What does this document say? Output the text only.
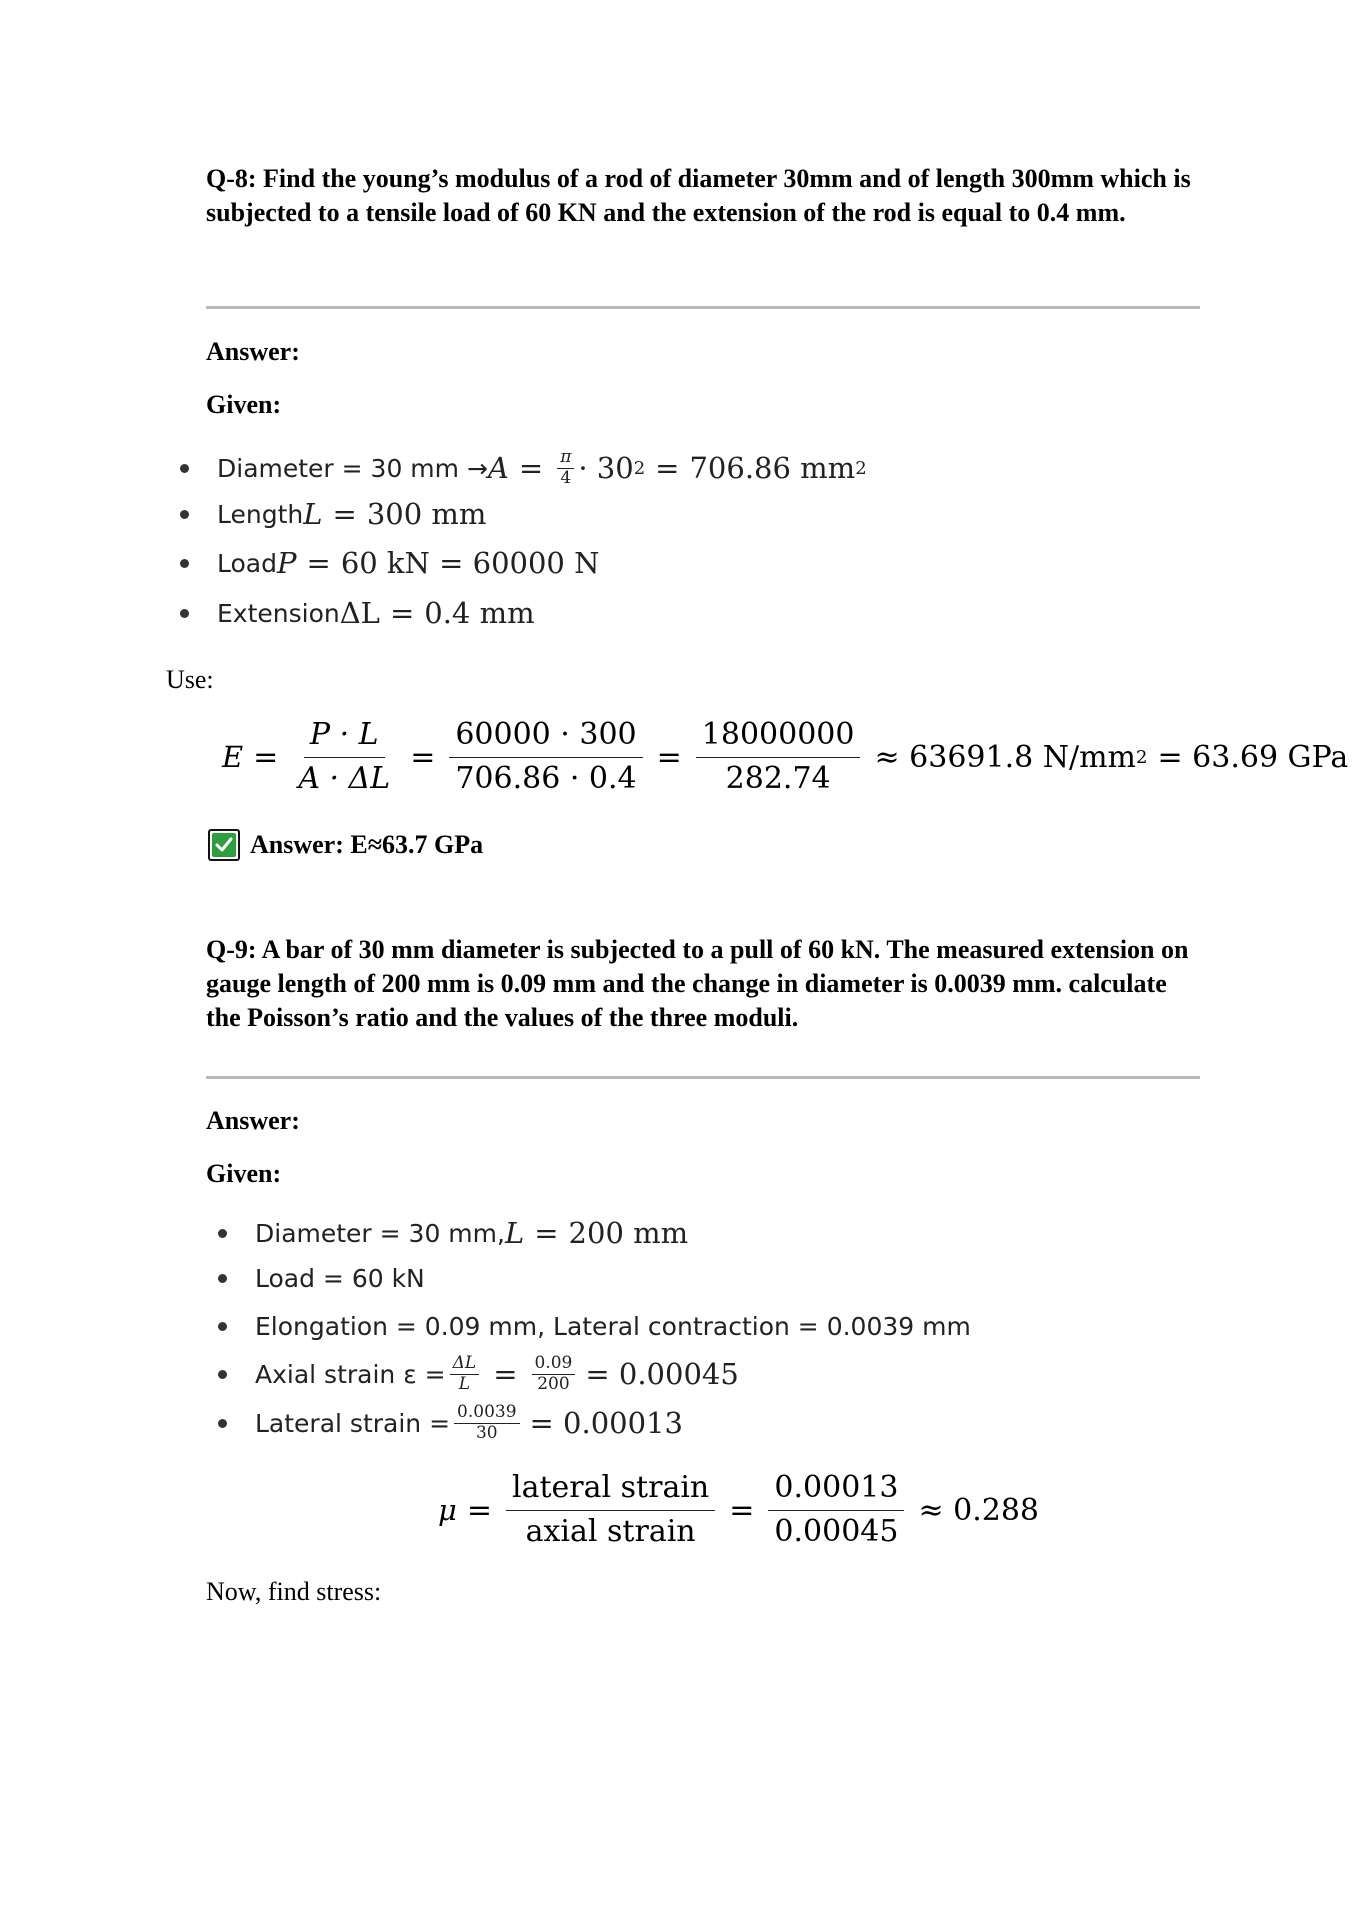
Q-8: Find the young’s modulus of a rod of diameter 30mm and of length 300mm which is subjected to a tensile load of 60 KN and the extension of the rod is equal to 0.4 mm.
Answer:
Given:
Diameter = 30 mm → $A = \frac{\pi}{4} \cdot 30$ 2 = 706.86 mm 2
Length L = 300 mm
Load P = 60 kN = 60000 N
Extension ΔL = 0.4 mm
Use:
$E = \frac{P \cdot L}{A \cdot \Delta L} = \frac{60000 \cdot 300}{706.86 \cdot 0.4} = \frac{18000000}{282.74} \approx 63691.8$ N/mm 2 = 63.69 GPa
Answer: E≈63.7 GPa
Q-9: A bar of 30 mm diameter is subjected to a pull of 60 kN. The measured extension on gauge length of 200 mm is 0.09 mm and the change in diameter is 0.0039 mm. calculate the Poisson’s ratio and the values of the three moduli.
Answer:
Given:
Diameter = 30 mm, L = 200 mm
Load = 60 kN
Elongation = 0.09 mm, Lateral contraction = 0.0039 mm
Axial strain $\varepsilon = \frac{\Delta L}{L} = \frac{0.09}{200} = 0.00045$
Lateral strain = $\frac{0.0039}{30} = 0.00013$
$\mu = \frac{\text{lateral strain}}{\text{axial strain}} = \frac{0.00013}{0.00045} \approx 0.288$
Now, find stress:
